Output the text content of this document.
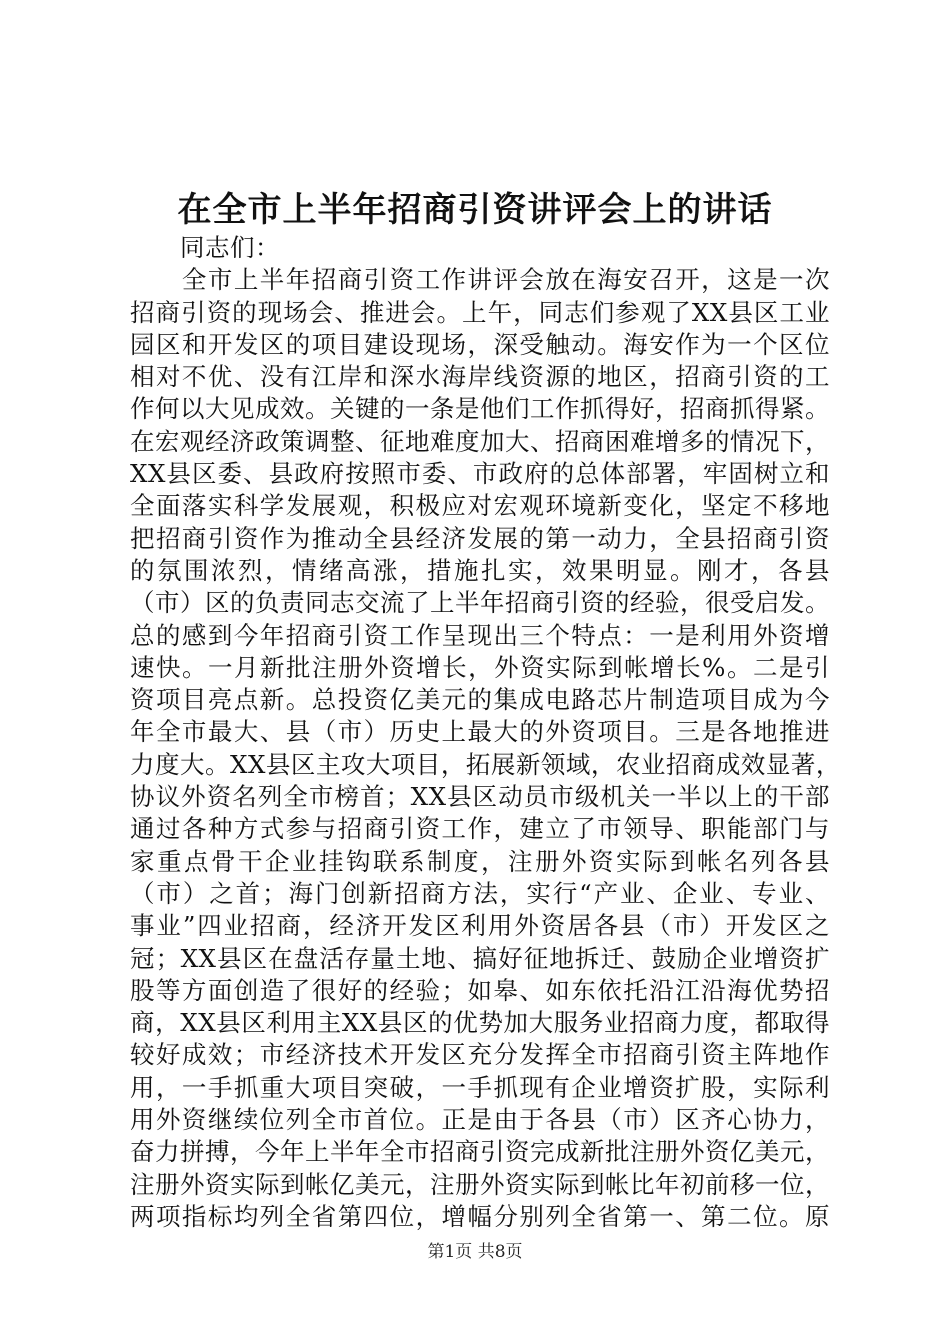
在全市上半年招商引资讲评会上的讲话
　　同志们：
　　全市上半年招商引资工作讲评会放在海安召开，这是一次
招商引资的现场会、推进会。上午，同志们参观了XX县区工业
园区和开发区的项目建设现场，深受触动。海安作为一个区位
相对不优、没有江岸和深水海岸线资源的地区，招商引资的工
作何以大见成效。关键的一条是他们工作抓得好，招商抓得紧。
在宏观经济政策调整、征地难度加大、招商困难增多的情况下，
XX县区委、县政府按照市委、市政府的总体部署，牢固树立和
全面落实科学发展观，积极应对宏观环境新变化，坚定不移地
把招商引资作为推动全县经济发展的第一动力，全县招商引资
的氛围浓烈，情绪高涨，措施扎实，效果明显。刚才，各县
（市）区的负责同志交流了上半年招商引资的经验，很受启发。
总的感到今年招商引资工作呈现出三个特点：一是利用外资增
速快。一月新批注册外资增长，外资实际到帐增长%。二是引
资项目亮点新。总投资亿美元的集成电路芯片制造项目成为今
年全市最大、县（市）历史上最大的外资项目。三是各地推进
力度大。XX县区主攻大项目，拓展新领域，农业招商成效显著，
协议外资名列全市榜首；XX县区动员市级机关一半以上的干部
通过各种方式参与招商引资工作，建立了市领导、职能部门与
家重点骨干企业挂钩联系制度，注册外资实际到帐名列各县
（市）之首；海门创新招商方法，实行“产业、企业、专业、
事业”四业招商，经济开发区利用外资居各县（市）开发区之
冠；XX县区在盘活存量土地、搞好征地拆迁、鼓励企业增资扩
股等方面创造了很好的经验；如皋、如东依托沿江沿海优势招
商，XX县区利用主XX县区的优势加大服务业招商力度，都取得
较好成效；市经济技术开发区充分发挥全市招商引资主阵地作
用，一手抓重大项目突破，一手抓现有企业增资扩股，实际利
用外资继续位列全市首位。正是由于各县（市）区齐心协力，
奋力拼搏，今年上半年全市招商引资完成新批注册外资亿美元，
注册外资实际到帐亿美元，注册外资实际到帐比年初前移一位，
两项指标均列全省第四位，增幅分别列全省第一、第二位。原
第1页 共8页
